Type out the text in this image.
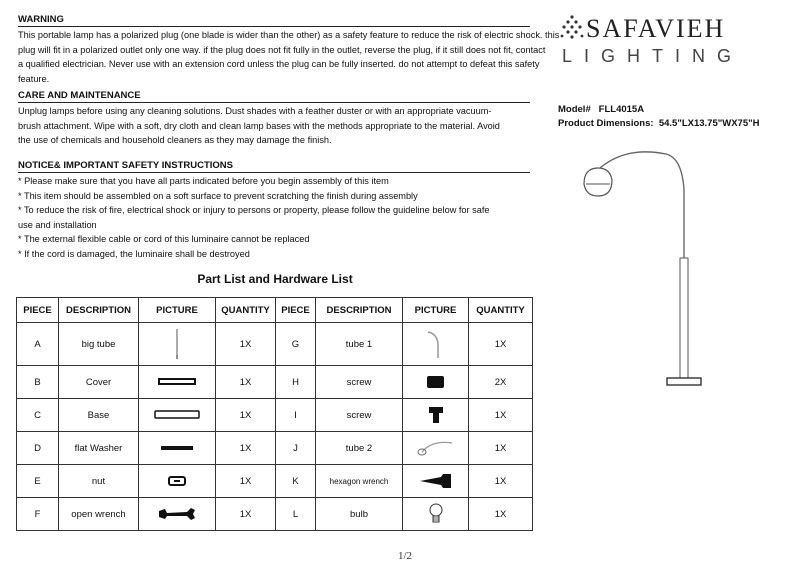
WARNING
This portable lamp has a polarized plug (one blade is wider than the other) as a safety feature to reduce the risk of electric shock. this
plug will fit in a polarized outlet only one way. if the plug does not fit fully in the outlet, reverse the plug, if it still does not fit, contact
a qualified electrician. Never use with an extension cord unless the plug can be fully inserted. do not attempt to defeat this safety
feature.
CARE AND MAINTENANCE
Unplug lamps before using any cleaning solutions. Dust shades with a feather duster or with an appropriate vacuum-
brush attachment. Wipe with a soft, dry cloth and clean lamp bases with the methods appropriate to the material. Avoid
the use of chemicals and household cleaners as they may damage the finish.
NOTICE& IMPORTANT SAFETY INSTRUCTIONS
* Please make sure that you have all parts indicated before you begin assembly of this item
* This item should be assembled on a soft surface to prevent scratching the finish during assembly
* To reduce the risk of fire, electrical shock or injury to persons or property, please follow the guideline below for safe
use and installation
* The external flexible cable or cord of this luminaire cannot be replaced
* If the cord is damaged, the luminaire shall be destroyed
Part List and Hardware List
PIECE	DESCRIPTION	PICTURE	QUANTITY	PIECE	DESCRIPTION	PICTURE	QUANTITY
A	big tube		1X	G	tube 1		1X
B	Cover		1X	H	screw		2X
C	Base		1X	I	screw		1X
D	flat Washer		1X	J	tube 2		1X
E	nut		1X	K	hexagon wrench		1X
F	open wrench		1X	L	bulb		1X
SAFAVIEH
LIGHTING
Model# FLL4015A
Product Dimensions: 54.5"LX13.75"WX75"H
1/2
